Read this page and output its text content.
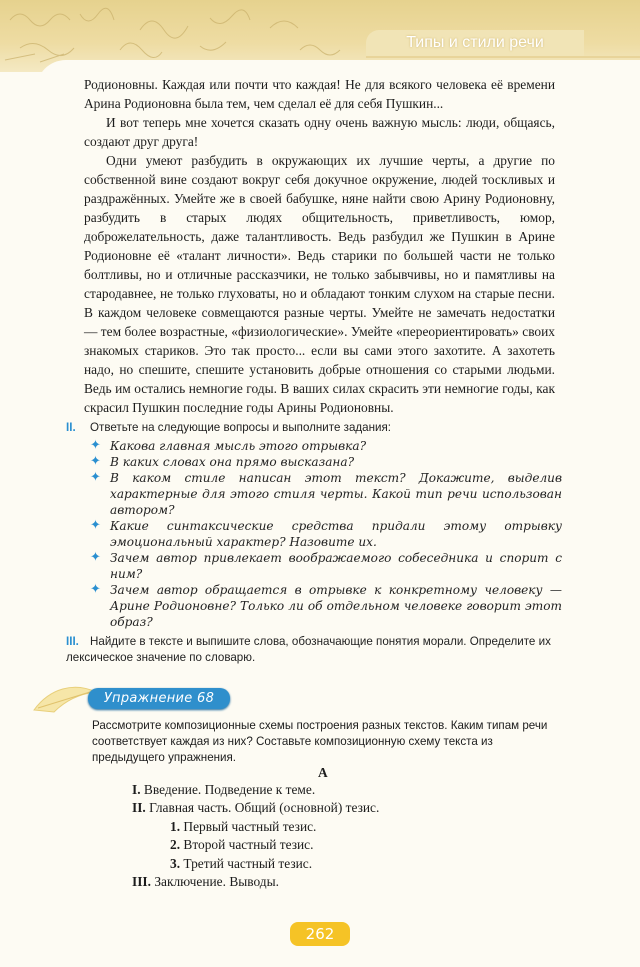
Типы и стили речи

Родионовны. Каждая или почти что каждая! Не для всякого человека её времени Арина Родионовна была тем, чем сделал её для себя Пушкин...

И вот теперь мне хочется сказать одну очень важную мысль: люди, общаясь, создают друг друга!

Одни умеют разбудить в окружающих их лучшие черты, а другие по собственной вине создают вокруг себя докучное окружение, людей тоскливых и раздражённых. Умейте же в своей бабушке, няне найти свою Арину Родионовну, разбудить в старых людях общительность, приветливость, юмор, доброжелательность, даже талантливость. Ведь разбудил же Пушкин в Арине Родионовне её «талант личности». Ведь старики по большей части не только болтливы, но и отличные рассказчики, не только забывчивы, но и памятливы на стародавнее, не только глуховаты, но и обладают тонким слухом на старые песни. В каждом человеке совмещаются разные черты. Умейте не замечать недостатки — тем более возрастные, «физиологические». Умейте «переориентировать» своих знакомых стариков. Это так просто... если вы сами этого захотите. А захотеть надо, но спешите, спешите установить добрые отношения со старыми людьми. Ведь им остались немногие годы. В ваших силах скрасить эти немногие годы, как скрасил Пушкин последние годы Арины Родионовны.

II. Ответьте на следующие вопросы и выполните задания:
✦ Какова главная мысль этого отрывка?
✦ В каких словах она прямо высказана?
✦ В каком стиле написан этот текст? Докажите, выделив характерные для этого стиля черты. Какой тип речи использован автором?
✦ Какие синтаксические средства придали этому отрывку эмоциональный характер? Назовите их.
✦ Зачем автор привлекает воображаемого собеседника и спорит с ним?
✦ Зачем автор обращается в отрывке к конкретному человеку — Арине Родионовне? Только ли об отдельном человеке говорит этот образ?
III. Найдите в тексте и выпишите слова, обозначающие понятия морали. Определите их лексическое значение по словарю.
Упражнение 68
Рассмотрите композиционные схемы построения разных текстов. Каким типам речи соответствует каждая из них? Составьте композиционную схему текста из предыдущего упражнения.
А
I. Введение. Подведение к теме.
II. Главная часть. Общий (основной) тезис.
1. Первый частный тезис.
2. Второй частный тезис.
3. Третий частный тезис.
III. Заключение. Выводы.
262
